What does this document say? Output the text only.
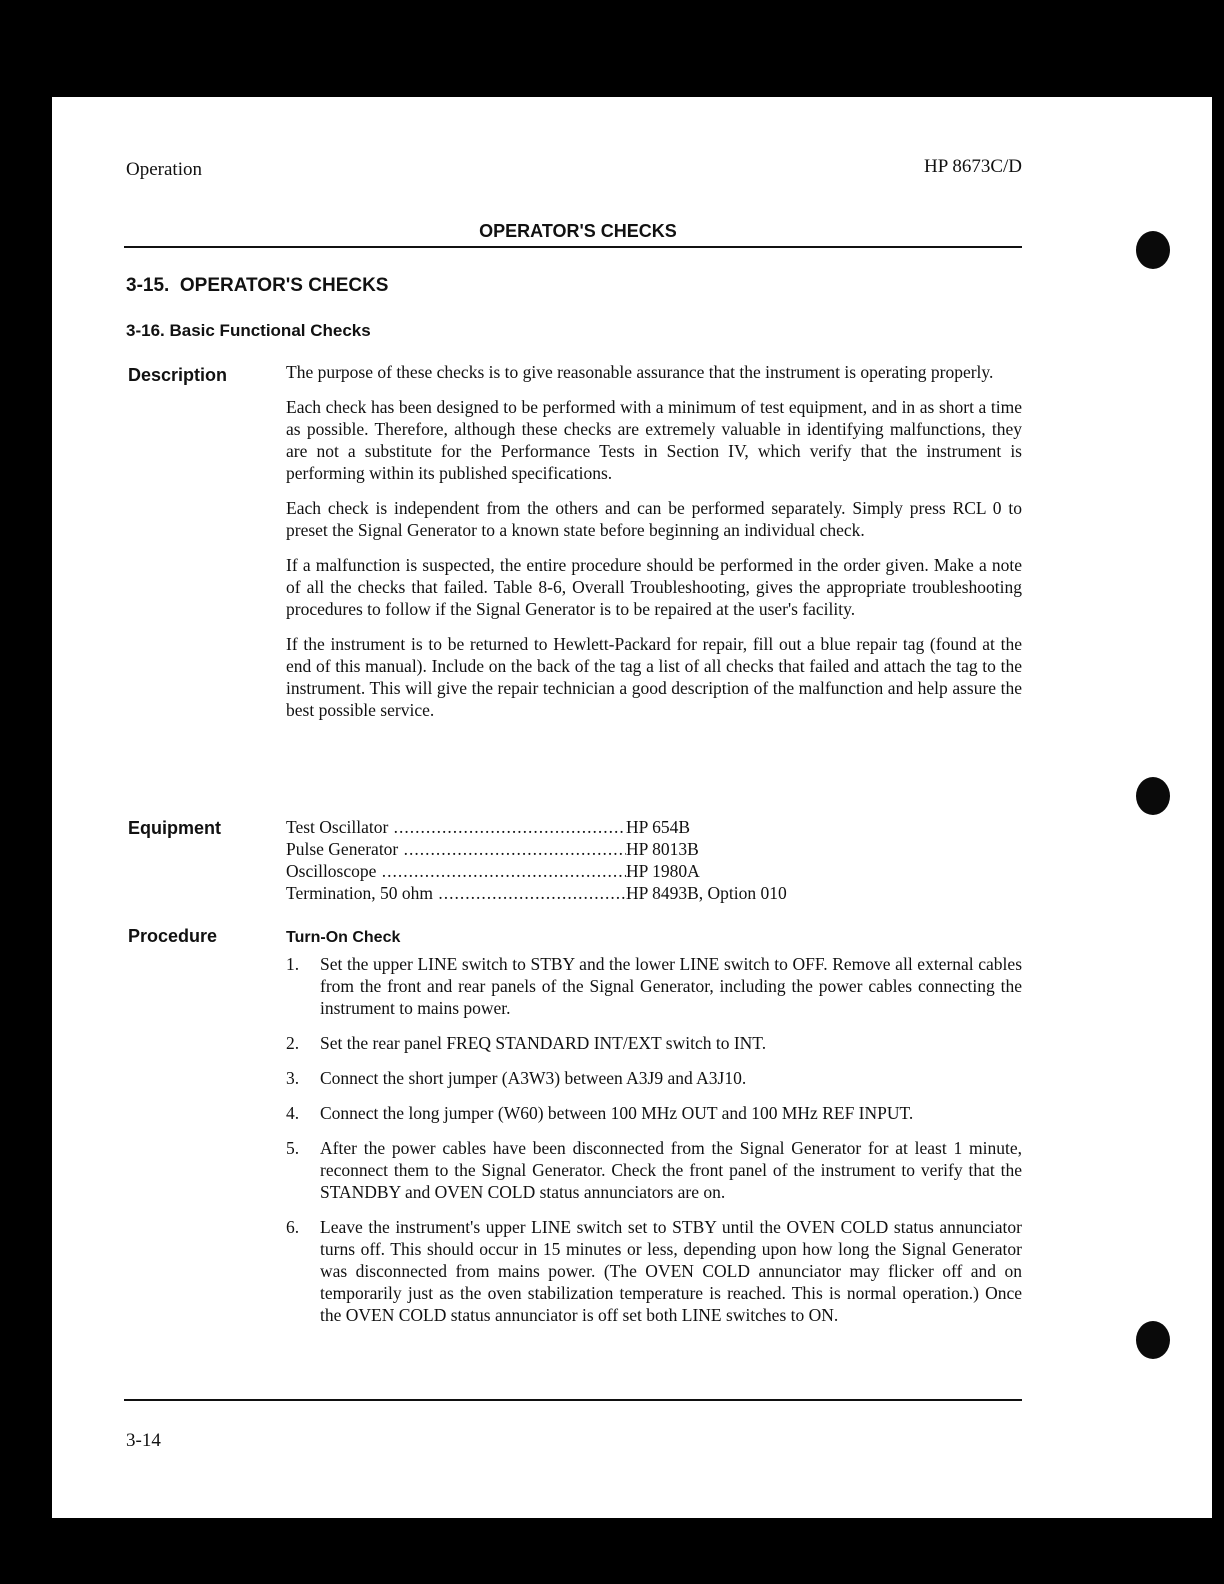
Operation	HP 8673C/D
OPERATOR'S CHECKS
3-15.  OPERATOR'S CHECKS
3-16. Basic Functional Checks
Description	The purpose of these checks is to give reasonable assurance that the instrument is operating properly.

Each check has been designed to be performed with a minimum of test equipment, and in as short a time as possible. Therefore, although these checks are extremely valuable in identifying malfunctions, they are not a substitute for the Performance Tests in Section IV, which verify that the instrument is performing within its published specifications.

Each check is independent from the others and can be performed separately. Simply press RCL 0 to preset the Signal Generator to a known state before beginning an individual check.

If a malfunction is suspected, the entire procedure should be performed in the order given. Make a note of all the checks that failed. Table 8-6, Overall Troubleshooting, gives the appropriate troubleshooting procedures to follow if the Signal Generator is to be repaired at the user's facility.

If the instrument is to be returned to Hewlett-Packard for repair, fill out a blue repair tag (found at the end of this manual). Include on the back of the tag a list of all checks that failed and attach the tag to the instrument. This will give the repair technician a good description of the malfunction and help assure the best possible service.

Equipment	Test Oscillator .....	HP 654B
Pulse Generator .....	HP 8013B
Oscilloscope .....	HP 1980A
Termination, 50 ohm .....	HP 8493B, Option 010
Procedure	Turn-On Check
1.	Set the upper LINE switch to STBY and the lower LINE switch to OFF. Remove all external cables from the front and rear panels of the Signal Generator, including the power cables connecting the instrument to mains power.
2.	Set the rear panel FREQ STANDARD INT/EXT switch to INT.
3.	Connect the short jumper (A3W3) between A3J9 and A3J10.
4.	Connect the long jumper (W60) between 100 MHz OUT and 100 MHz REF INPUT.
5.	After the power cables have been disconnected from the Signal Generator for at least 1 minute, reconnect them to the Signal Generator. Check the front panel of the instrument to verify that the STANDBY and OVEN COLD status annunciators are on.
6.	Leave the instrument's upper LINE switch set to STBY until the OVEN COLD status annunciator turns off. This should occur in 15 minutes or less, depending upon how long the Signal Generator was disconnected from mains power. (The OVEN COLD annunciator may flicker off and on temporarily just as the oven stabilization temperature is reached. This is normal operation.) Once the OVEN COLD status annunciator is off set both LINE switches to ON.
3-14
